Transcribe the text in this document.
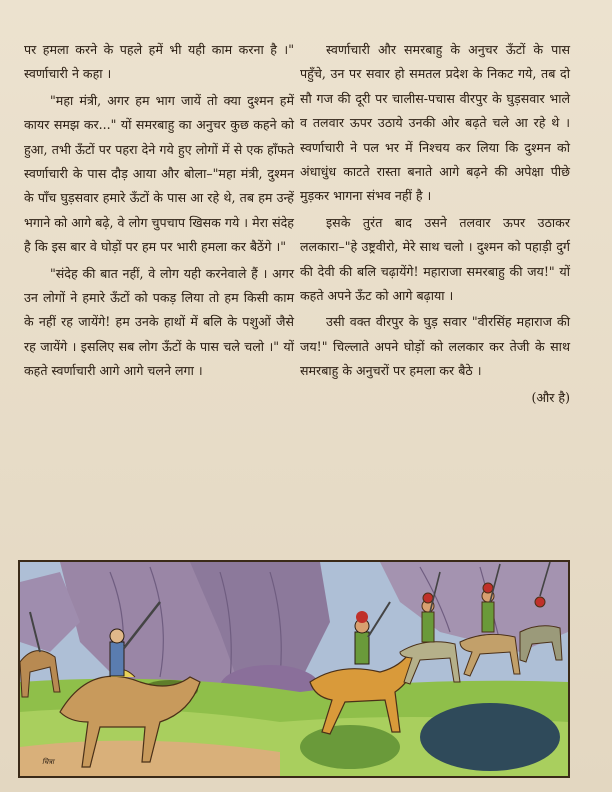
पर हमला करने के पहले हमें भी यही काम करना है ।" स्वर्णाचारी ने कहा ।

"महा मंत्री, अगर हम भाग जायें तो क्या दुश्मन हमें कायर समझ कर..." यों समरबाहु का अनुचर कुछ कहने को हुआ, तभी ऊँटों पर पहरा देने गये हुए लोगों में से एक हाँफते स्वर्णाचारी के पास दौड़ आया और बोला–"महा मंत्री, दुश्मन के पाँच घुड़सवार हमारे ऊँटों के पास आ रहे थे, तब हम उन्हें भगाने को आगे बढ़े, वे लोग चुपचाप खिसक गये । मेरा संदेह है कि इस बार वे घोड़ों पर हम पर भारी हमला कर बैठेंगे ।"

"संदेह की बात नहीं, वे लोग यही करनेवाले हैं । अगर उन लोगों ने हमारे ऊँटों को पकड़ लिया तो हम किसी काम के नहीं रह जायेंगे! हम उनके हाथों में बलि के पशुओं जैसे रह जायेंगे । इसलिए सब लोग ऊँटों के पास चले चलो ।" यों कहते स्वर्णाचारी आगे आगे चलने लगा ।

स्वर्णाचारी और समरबाहु के अनुचर ऊँटों के पास पहुँचे, उन पर सवार हो समतल प्रदेश के निकट गये, तब दो सौ गज की दूरी पर चालीस-पचास वीरपुर के घुड़सवार भाले व तलवार ऊपर उठाये उनकी ओर बढ़ते चले आ रहे थे । स्वर्णाचारी ने पल भर में निश्चय कर लिया कि दुश्मन को अंधाधुंध काटते रास्ता बनाते आगे बढ़ने की अपेक्षा पीछे मुड़कर भागना संभव नहीं है ।

इसके तुरंत बाद उसने तलवार ऊपर उठाकर ललकारा–"हे उष्ट्रवीरो, मेरे साथ चलो । दुश्मन को पहाड़ी दुर्ग की देवी की बलि चढ़ायेंगे! महाराजा समरबाहु की जय!" यों कहते अपने ऊँट को आगे बढ़ाया ।

उसी वक्त वीरपुर के घुड़ सवार "वीरसिंह महाराज की जय!" चिल्लाते अपने घोड़ों को ललकार कर तेजी के साथ समरबाहु के अनुचरों पर हमला कर बैठे ।

(और है)

चित्रा
